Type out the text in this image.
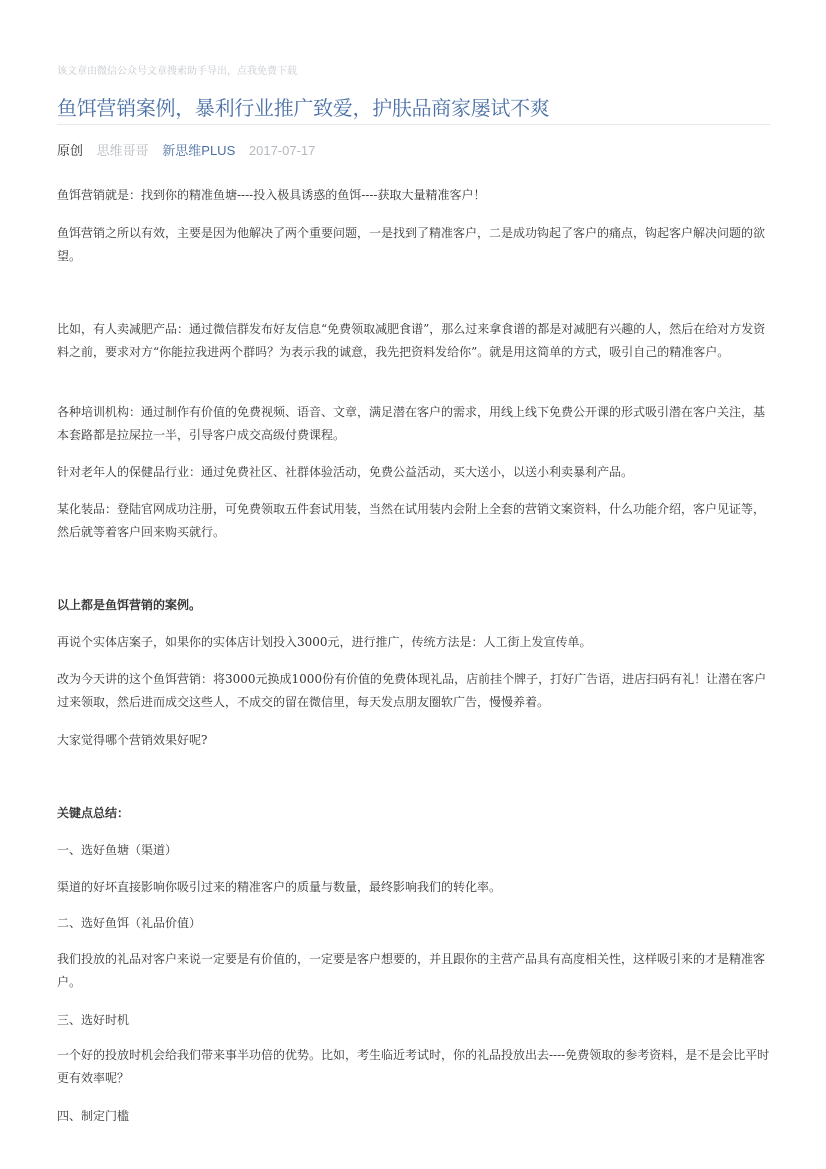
该文章由微信公众号文章搜索助手导出，点我免费下载
鱼饵营销案例，暴利行业推广致爱，护肤品商家屡试不爽
原创 思维哥哥 新思维PLUS 2017-07-17

鱼饵营销就是：找到你的精准鱼塘----投入极具诱惑的鱼饵----获取大量精准客户！

鱼饵营销之所以有效，主要是因为他解决了两个重要问题，一是找到了精准客户，二是成功钩起了客户的痛点，钩起客户解决问题的欲望。

比如，有人卖减肥产品：通过微信群发布好友信息“免费领取减肥食谱”，那么过来拿食谱的都是对减肥有兴趣的人，然后在给对方发资料之前，要求对方“你能拉我进两个群吗？为表示我的诚意，我先把资料发给你”。就是用这简单的方式，吸引自己的精准客户。

各种培训机构：通过制作有价值的免费视频、语音、文章，满足潜在客户的需求，用线上线下免费公开课的形式吸引潜在客户关注，基本套路都是拉屎拉一半，引导客户成交高级付费课程。

针对老年人的保健品行业：通过免费社区、社群体验活动，免费公益活动，买大送小，以送小利卖暴利产品。

某化装品：登陆官网成功注册，可免费领取五件套试用装，当然在试用装内会附上全套的营销文案资料，什么功能介绍，客户见证等，然后就等着客户回来购买就行。

以上都是鱼饵营销的案例。

再说个实体店案子，如果你的实体店计划投入3000元，进行推广，传统方法是：人工街上发宣传单。

改为今天讲的这个鱼饵营销：将3000元换成1000份有价值的免费体现礼品，店前挂个牌子，打好广告语，进店扫码有礼！让潜在客户过来领取，然后进而成交这些人，不成交的留在微信里，每天发点朋友圈软广告，慢慢养着。

大家觉得哪个营销效果好呢?

关键点总结：

一、选好鱼塘（渠道）

渠道的好坏直接影响你吸引过来的精准客户的质量与数量，最终影响我们的转化率。

二、选好鱼饵（礼品价值）

我们投放的礼品对客户来说一定要是有价值的，一定要是客户想要的，并且跟你的主营产品具有高度相关性，这样吸引来的才是精准客户。

三、选好时机

一个好的投放时机会给我们带来事半功倍的优势。比如，考生临近考试时，你的礼品投放出去----免费领取的参考资料，是不是会比平时更有效率呢？

四、制定门槛
